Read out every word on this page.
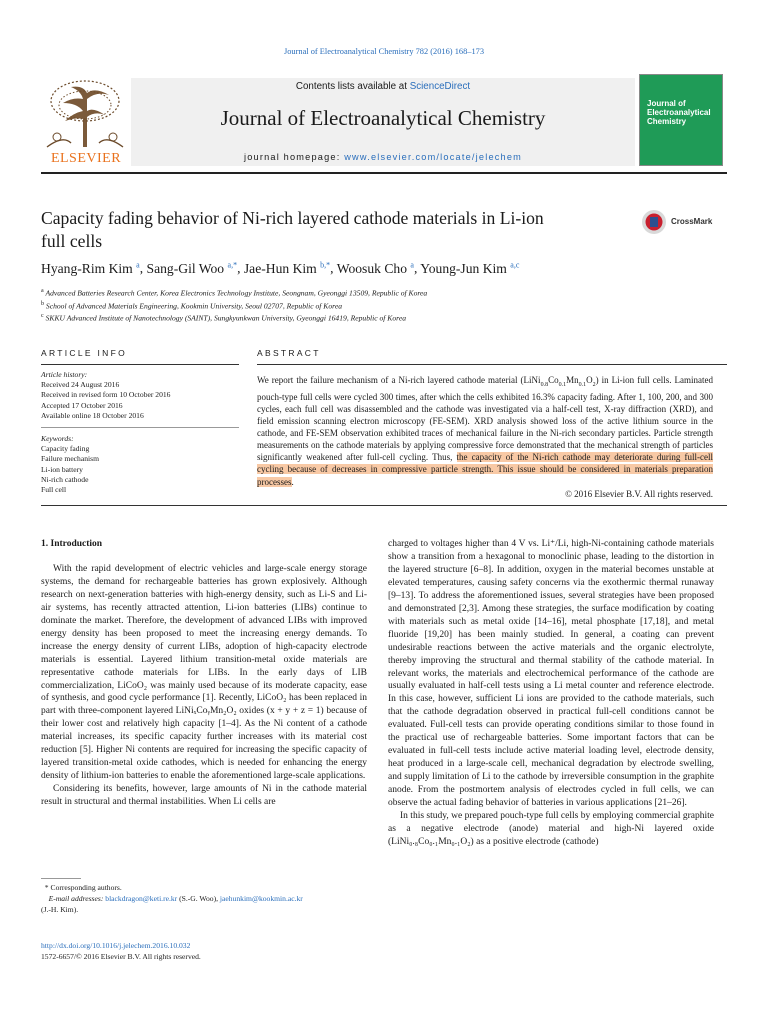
Journal of Electroanalytical Chemistry 782 (2016) 168–173
ELSEVIER
Contents lists available at ScienceDirect
Journal of Electroanalytical Chemistry
journal homepage: www.elsevier.com/locate/jelechem
Journal of
Electroanalytical
Chemistry
Capacity fading behavior of Ni-rich layered cathode materials in Li-ion
full cells
CrossMark
Hyang-Rim Kim $^a$, Sang-Gil Woo $^{a,*}$, Jae-Hun Kim $^{b,*}$, Woosuk Cho $^a$, Young-Jun Kim $^{a,c}$
$^a$ Advanced Batteries Research Center, Korea Electronics Technology Institute, Seongnam, Gyeonggi 13509, Republic of Korea
$^b$ School of Advanced Materials Engineering, Kookmin University, Seoul 02707, Republic of Korea
$^c$ SKKU Advanced Institute of Nanotechnology (SAINT), Sungkyunkwan University, Gyeonggi 16419, Republic of Korea
ARTICLE INFO	ABSTRACT
Article history:
Received 24 August 2016
Received in revised form 10 October 2016
Accepted 17 October 2016
Available online 18 October 2016
Keywords:
Capacity fading
Failure mechanism
Li-ion battery
Ni-rich cathode
Full cell
We report the failure mechanism of a Ni-rich layered cathode material $(LiNi_{0.8}Co_{0.1}Mn_{0.1}O_2)$ in Li-ion full cells. Laminated pouch-type full cells were cycled 300 times, after which the cells exhibited 16.3% capacity fading. After 1, 100, 200, and 300 cycles, each full cell was disassembled and the cathode was investigated via a half-cell test, X-ray diffraction (XRD), and field emission scanning electron microscopy (FE-SEM). XRD analysis showed loss of the active lithium source in the cathode, and FE-SEM observation exhibited traces of mechanical failure in the Ni-rich secondary particles. Particle strength measurements on the cathode materials by applying compressive force demonstrated that the mechanical strength of particles significantly weakened after full-cell cycling. Thus, the capacity of the Ni-rich cathode may deteriorate during full-cell cycling because of decreases in compressive particle strength. This issue should be considered in materials preparation processes.
© 2016 Elsevier B.V. All rights reserved.
1. Introduction

With the rapid development of electric vehicles and large-scale energy storage systems, the demand for rechargeable batteries has grown explosively. Although research on next-generation batteries with high-energy density, such as Li-S and Li-air systems, has recently attracted attention, Li-ion batteries (LIBs) continue to dominate the market. Therefore, the development of advanced LIBs with improved energy density has been proposed to meet the increasing energy demands. To increase the energy density of current LIBs, adoption of high-capacity electrode materials is essential. Layered lithium transition-metal oxide materials are representative cathode materials for LIBs. In the early days of LIB commercialization, LiCoO₂ was mainly used because of its moderate capacity, ease of synthesis, and good cycle performance [1]. Recently, LiCoO₂ has been replaced in part with three-component layered LiNiₓCoᵧMn₂O₂ oxides (x + y + z = 1) because of their lower cost and relatively high capacity [1–4]. As the Ni content of a cathode material increases, its specific capacity further increases with its material cost reduction [5]. Higher Ni contents are required for increasing the specific capacity of layered transition-metal oxide cathodes, which is needed for enhancing the energy density of lithium-ion batteries to enable the aforementioned large-scale applications.

Considering its benefits, however, large amounts of Ni in the cathode material result in structural and thermal instabilities. When Li cells are

charged to voltages higher than 4 V vs. Li⁺/Li, high-Ni-containing cathode materials show a transition from a hexagonal to monoclinic phase, leading to the distortion in the layered structure [6–8]. In addition, oxygen in the material becomes unstable at elevated temperatures, causing safety concerns via the exothermic thermal runaway [9–13]. To address the aforementioned issues, several strategies have been proposed and demonstrated [2,3]. Among these strategies, the surface modification by coating with materials such as metal oxide [14–16], metal phosphate [17,18], and metal fluoride [19,20] has been mainly studied. In general, a coating can prevent undesirable reactions between the active materials and the organic electrolyte, thereby improving the structural and thermal stability of the cathode material. In relevant works, the materials and electrochemical performance of the cathode are usually evaluated in half-cell tests using a Li metal counter and reference electrode. In this case, however, sufficient Li ions are provided to the cathode materials, such that the cathode degradation observed in practical full-cell conditions cannot be evaluated. Full-cell tests can provide operating conditions similar to those found in the practical use of rechargeable batteries. Some important factors that can be evaluated in full-cell tests include active material loading level, electrode density, heat produced in a large-scale cell, mechanical degradation by electrode swelling, and supply limitation of Li to the cathode by irreversible consumption in the graphite anode. From the postmortem analysis of electrodes cycled in full cells, we can observe the actual fading behavior of batteries in various applications [21–26].

In this study, we prepared pouch-type full cells by employing commercial graphite as a negative electrode (anode) material and high-Ni layered oxide (LiNi₀.₈Co₀.₁Mn₀.₁O₂) as a positive electrode (cathode)

* Corresponding authors.
E-mail addresses: blackdragon@keti.re.kr (S.-G. Woo), jaehunkim@kookmin.ac.kr
(J.-H. Kim).
http://dx.doi.org/10.1016/j.jelechem.2016.10.032
1572-6657/© 2016 Elsevier B.V. All rights reserved.
